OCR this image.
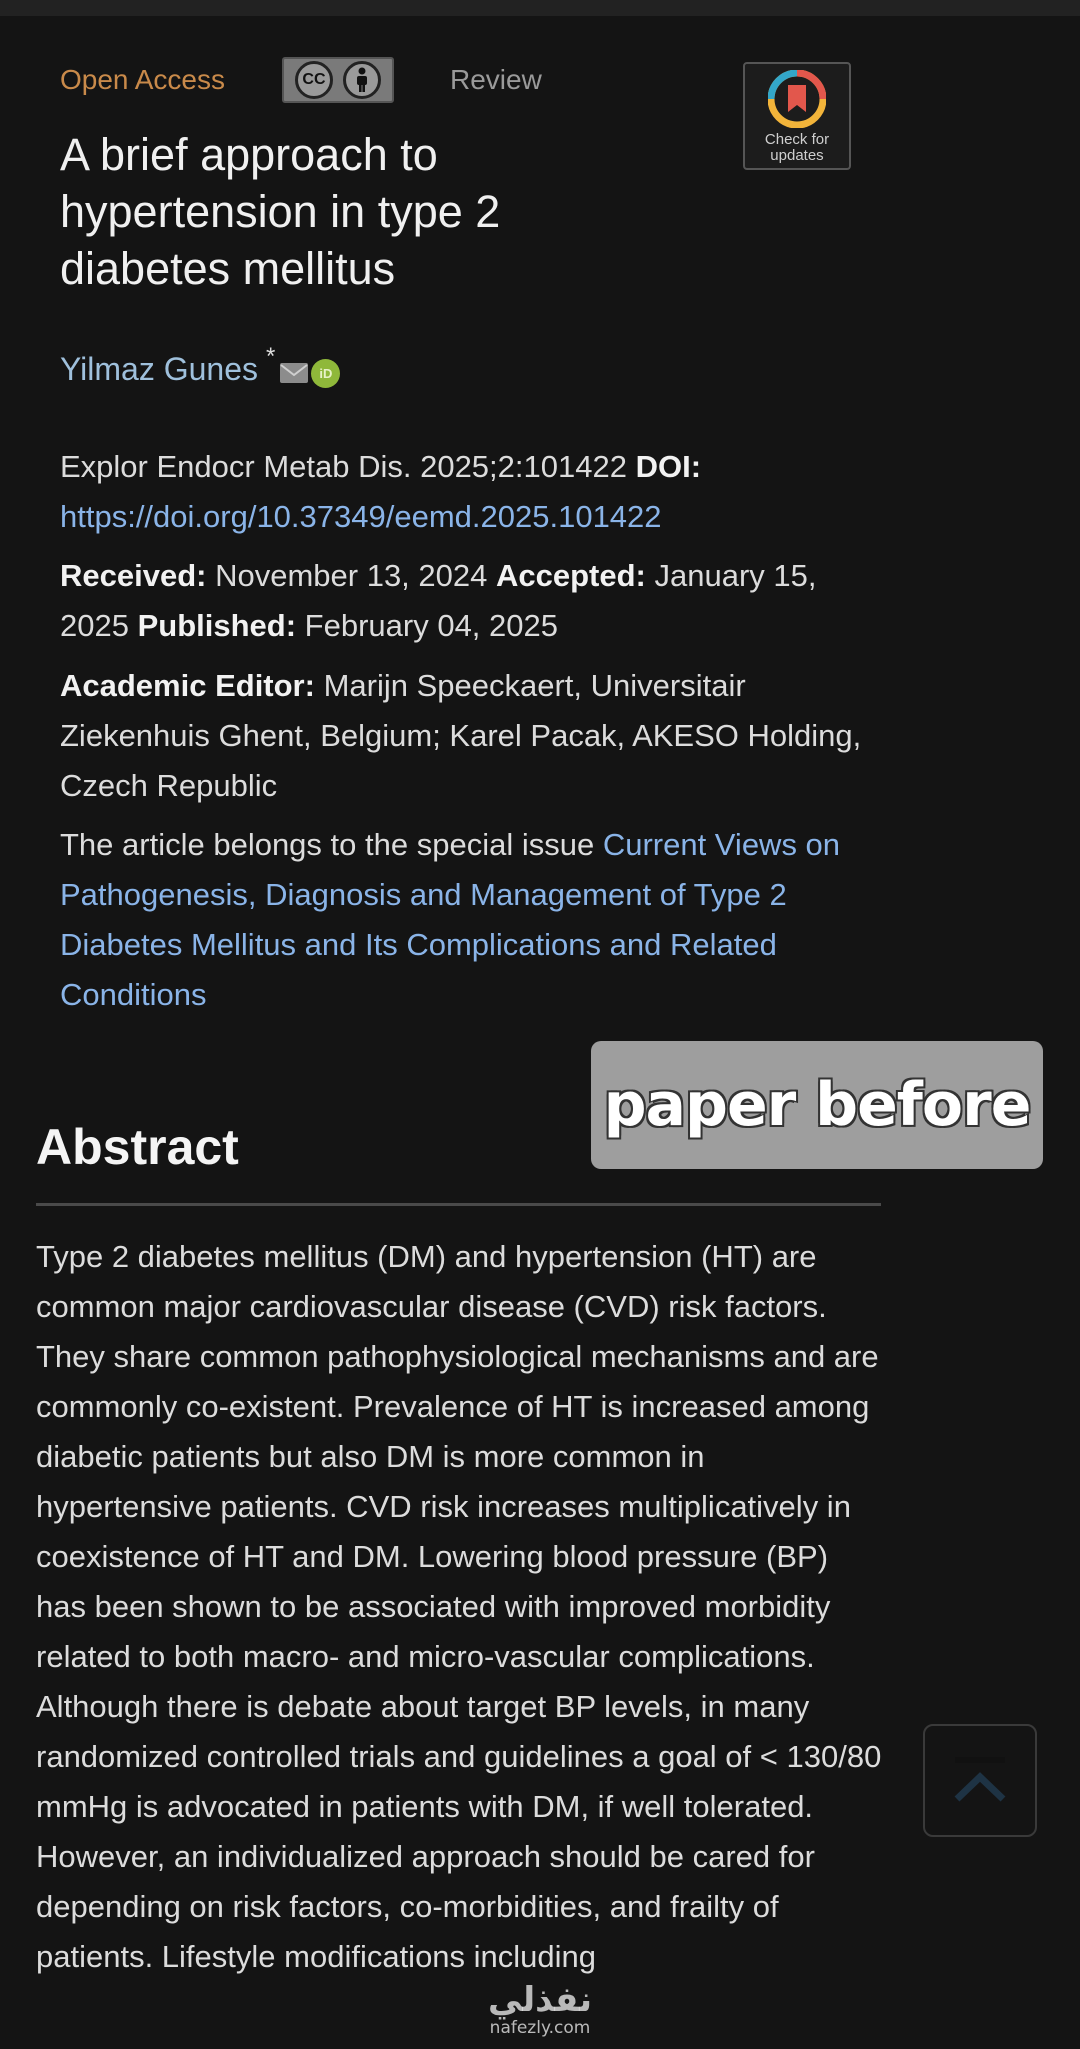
Open Access	CC	Review
Check for updates
A brief approach to hypertension in type 2 diabetes mellitus
Yilmaz Gunes *
iD
Explor Endocr Metab Dis. 2025;2:101422 DOI:
https://doi.org/10.37349/eemd.2025.101422
Received: November 13, 2024 Accepted: January 15, 2025 Published: February 04, 2025
Academic Editor: Marijn Speeckaert, Universitair Ziekenhuis Ghent, Belgium; Karel Pacak, AKESO Holding, Czech Republic
The article belongs to the special issue Current Views on Pathogenesis, Diagnosis and Management of Type 2 Diabetes Mellitus and Its Complications and Related Conditions
Abstract

Type 2 diabetes mellitus (DM) and hypertension (HT) are common major cardiovascular disease (CVD) risk factors. They share common pathophysiological mechanisms and are commonly co-existent. Prevalence of HT is increased among diabetic patients but also DM is more common in hypertensive patients. CVD risk increases multiplicatively in coexistence of HT and DM. Lowering blood pressure (BP) has been shown to be associated with improved morbidity related to both macro- and micro-vascular complications. Although there is debate about target BP levels, in many randomized controlled trials and guidelines a goal of < 130/80 mmHg is advocated in patients with DM, if well tolerated. However, an individualized approach should be cared for depending on risk factors, co-morbidities, and frailty of patients. Lifestyle modifications including

paper before
نفذلي
nafezly.com
